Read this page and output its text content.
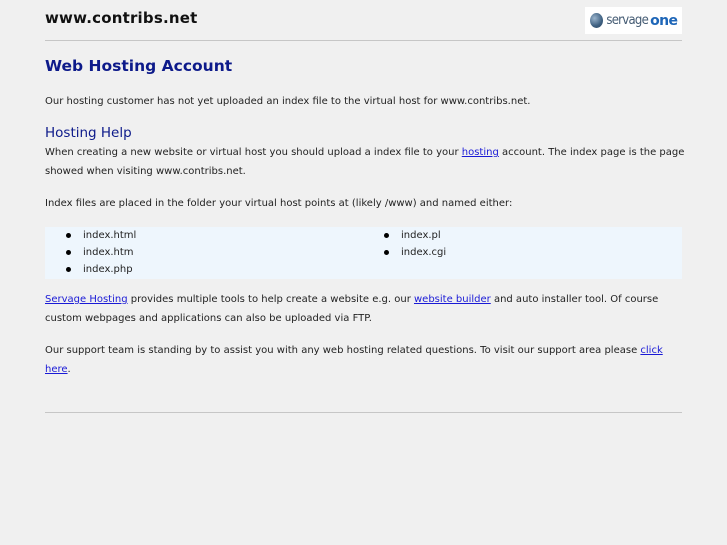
www.contribs.net	servage one
Web Hosting Account
Our hosting customer has not yet uploaded an index file to the virtual host for www.contribs.net.
Hosting Help
When creating a new website or virtual host you should upload a index file to your hosting account. The index page is the page showed when visiting www.contribs.net.
Index files are placed in the folder your virtual host points at (likely /www) and named either:
index.html
index.htm
index.php
index.pl
index.cgi
Servage Hosting provides multiple tools to help create a website e.g. our website builder and auto installer tool. Of course custom webpages and applications can also be uploaded via FTP.
Our support team is standing by to assist you with any web hosting related questions. To visit our support area please click here.
